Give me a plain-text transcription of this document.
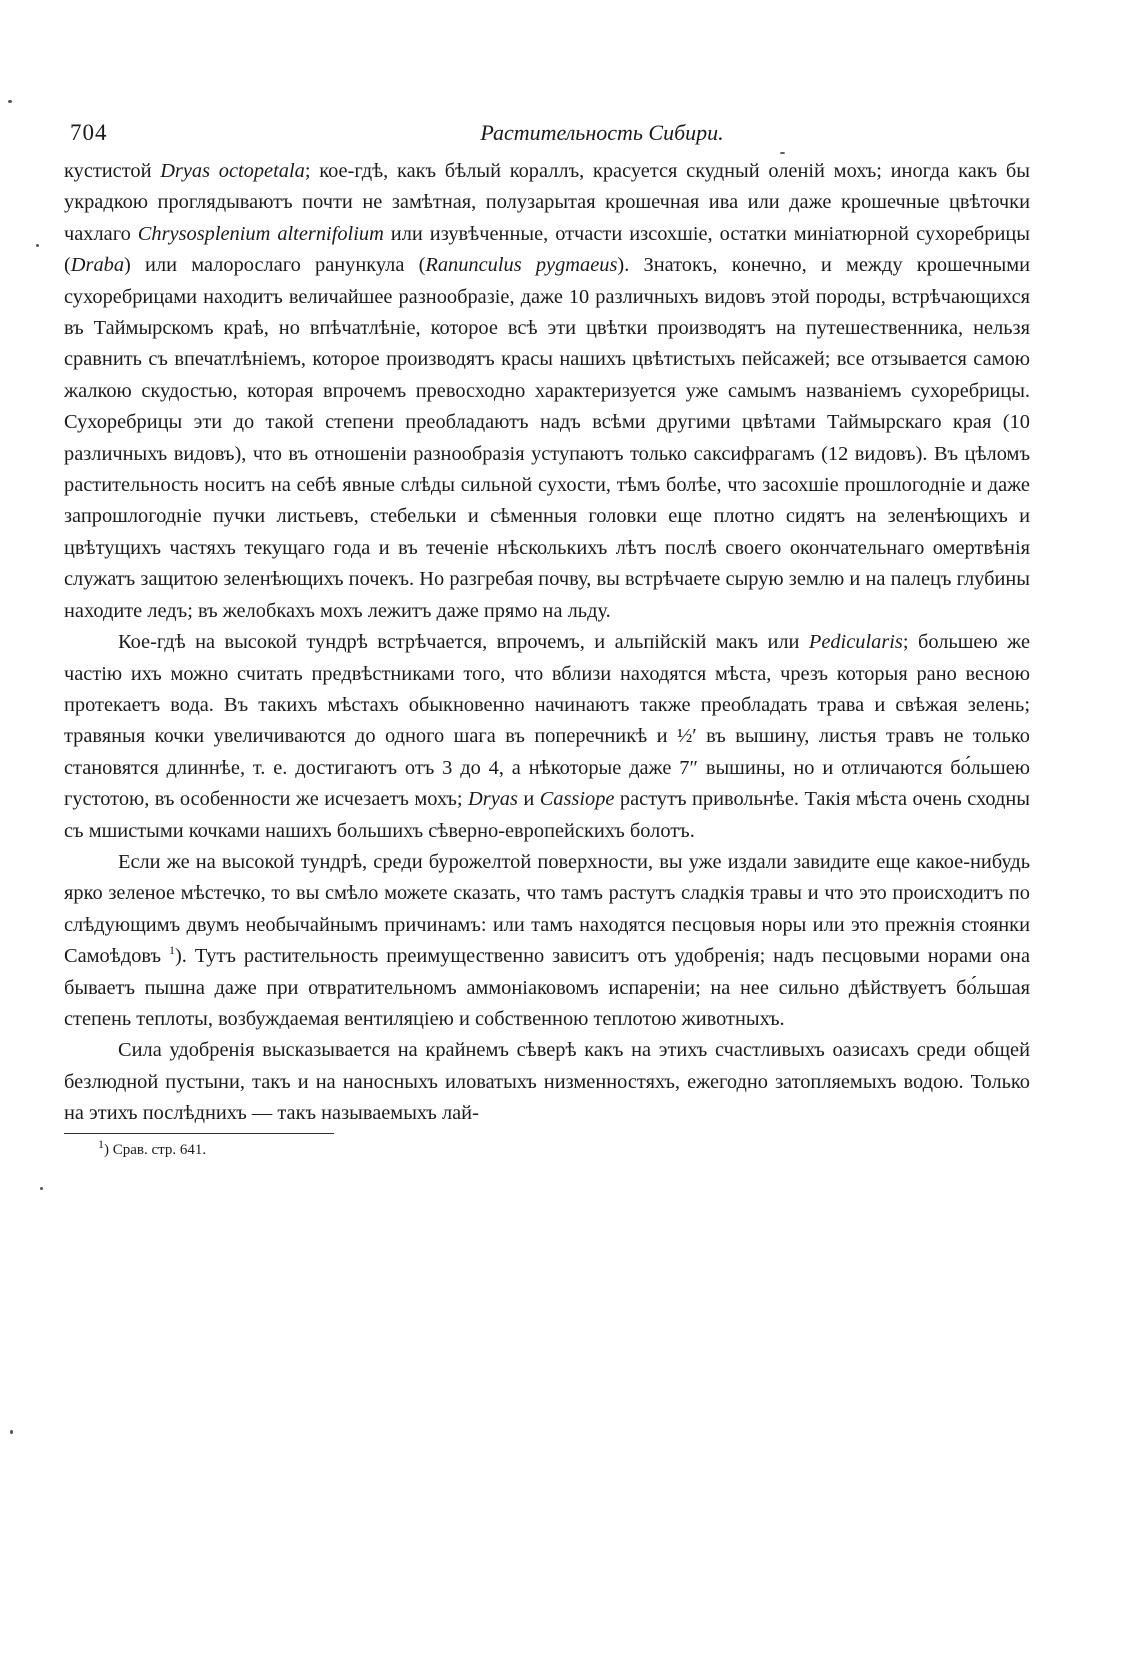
704	Растительность Сибири.

кустистой Dryas octopetala; кое-гдѣ, какъ бѣлый кораллъ, красуется скудный оленій мохъ; иногда какъ бы украдкою проглядываютъ почти не замѣтная, полузарытая крошечная ива или даже крошечные цвѣточки чахлаго Chrysosplenium alternifolium или изувѣченные, отчасти изсохшіе, остатки миніатюрной сухоребрицы (Draba) или малорослаго ранункула (Ranunculus pygmaeus). Знатокъ, конечно, и между крошечными сухоребрицами находитъ величайшее разнообразіе, даже 10 различныхъ видовъ этой породы, встрѣчающихся въ Таймырскомъ краѣ, но впѣчатлѣніе, которое всѣ эти цвѣтки производятъ на путешественника, нельзя сравнить съ впечатлѣніемъ, которое производятъ красы нашихъ цвѣтистыхъ пейсажей; все отзывается самою жалкою скудостью, которая впрочемъ превосходно характеризуется уже самымъ названіемъ сухоребрицы. Сухоребрицы эти до такой степени преобладаютъ надъ всѣми другими цвѣтами Таймырскаго края (10 различныхъ видовъ), что въ отношеніи разнообразія уступаютъ только саксифрагамъ (12 видовъ). Въ цѣломъ растительность носитъ на себѣ явные слѣды сильной сухости, тѣмъ болѣе, что засохшіе прошлогодніе и даже запрошлогодніе пучки листьевъ, стебельки и сѣменныя головки еще плотно сидятъ на зеленѣющихъ и цвѣтущихъ частяхъ текущаго года и въ теченіе нѣсколькихъ лѣтъ послѣ своего окончательнаго омертвѣнія служатъ защитою зеленѣющихъ почекъ. Но разгребая почву, вы встрѣчаете сырую землю и на палецъ глубины находите ледъ; въ желобкахъ мохъ лежитъ даже прямо на льду.

Кое-гдѣ на высокой тундрѣ встрѣчается, впрочемъ, и альпійскій макъ или Pedicularis; большею же частію ихъ можно считать предвѣстниками того, что вблизи находятся мѣста, чрезъ которыя рано весною протекаетъ вода. Въ такихъ мѣстахъ обыкновенно начинаютъ также преобладать трава и свѣжая зелень; травяныя кочки увеличиваются до одного шага въ поперечникѣ и ½′ въ вышину, листья травъ не только становятся длиннѣе, т. е. достигаютъ отъ 3 до 4, а нѣкоторые даже 7″ вышины, но и отличаются бо́льшею густотою, въ особенности же исчезаетъ мохъ; Dryas и Cassiope растутъ привольнѣе. Такія мѣста очень сходны съ мшистыми кочками нашихъ большихъ сѣверно-европейскихъ болотъ.

Если же на высокой тундрѣ, среди бурожелтой поверхности, вы уже издали завидите еще какое-нибудь ярко зеленое мѣстечко, то вы смѣло можете сказать, что тамъ растутъ сладкія травы и что это происходитъ по слѣдующимъ двумъ необычайнымъ причинамъ: или тамъ находятся песцовыя норы или это прежнія стоянки Самоѣдовъ $^1$). Тутъ растительность преимущественно зависитъ отъ удобренія; надъ песцовыми норами она бываетъ пышна даже при отвратительномъ аммоніаковомъ испареніи; на нее сильно дѣйствуетъ бо́льшая степень теплоты, возбуждаемая вентиляціею и собственною теплотою животныхъ.

Сила удобренія высказывается на крайнемъ сѣверѣ какъ на этихъ счастливыхъ оазисахъ среди общей безлюдной пустыни, такъ и на наносныхъ иловатыхъ низменностяхъ, ежегодно затопляемыхъ водою. Только на этихъ послѣднихъ — такъ называемыхъ лай-

$^1$) Срав. стр. 641.
